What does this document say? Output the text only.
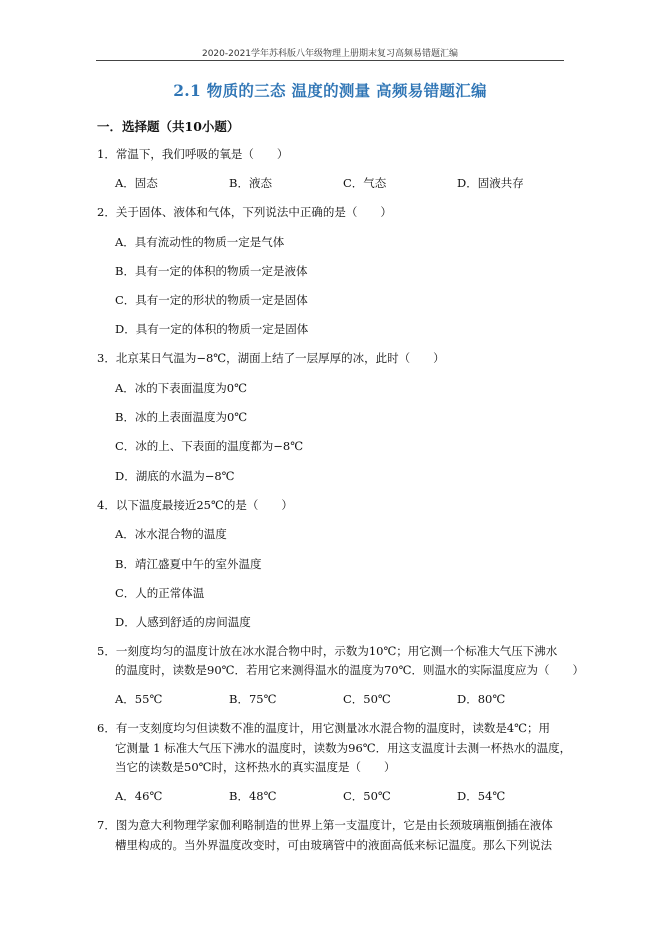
2020-2021学年苏科版八年级物理上册期末复习高频易错题汇编
2.1 物质的三态 温度的测量 高频易错题汇编
一．选择题（共10小题）
1．常温下，我们呼吸的氧是（　　）
A．固态	B．液态	C．气态	D．固液共存
2．关于固体、液体和气体，下列说法中正确的是（　　）
A．具有流动性的物质一定是气体
B．具有一定的体积的物质一定是液体
C．具有一定的形状的物质一定是固体
D．具有一定的体积的物质一定是固体
3．北京某日气温为−8℃，湖面上结了一层厚厚的冰，此时（　　）
A．冰的下表面温度为0℃
B．冰的上表面温度为0℃
C．冰的上、下表面的温度都为−8℃
D．湖底的水温为−8℃
4．以下温度最接近25℃的是（　　）
A．冰水混合物的温度
B．靖江盛夏中午的室外温度
C．人的正常体温
D．人感到舒适的房间温度
5．一刻度均匀的温度计放在冰水混合物中时，示数为10℃；用它测一个标准大气压下沸水
的温度时，读数是90℃．若用它来测得温水的温度为70℃．则温水的实际温度应为（　　）
A．55℃	B．75℃	C．50℃	D．80℃
6．有一支刻度均匀但读数不准的温度计，用它测量冰水混合物的温度时，读数是4℃；用
它测量 1 标准大气压下沸水的温度时，读数为96℃．用这支温度计去测一杯热水的温度，
当它的读数是50℃时，这杯热水的真实温度是（　　）
A．46℃	B．48℃	C．50℃	D．54℃
7．图为意大利物理学家伽利略制造的世界上第一支温度计，它是由长颈玻璃瓶倒插在液体
槽里构成的。当外界温度改变时，可由玻璃管中的液面高低来标记温度。那么下列说法
